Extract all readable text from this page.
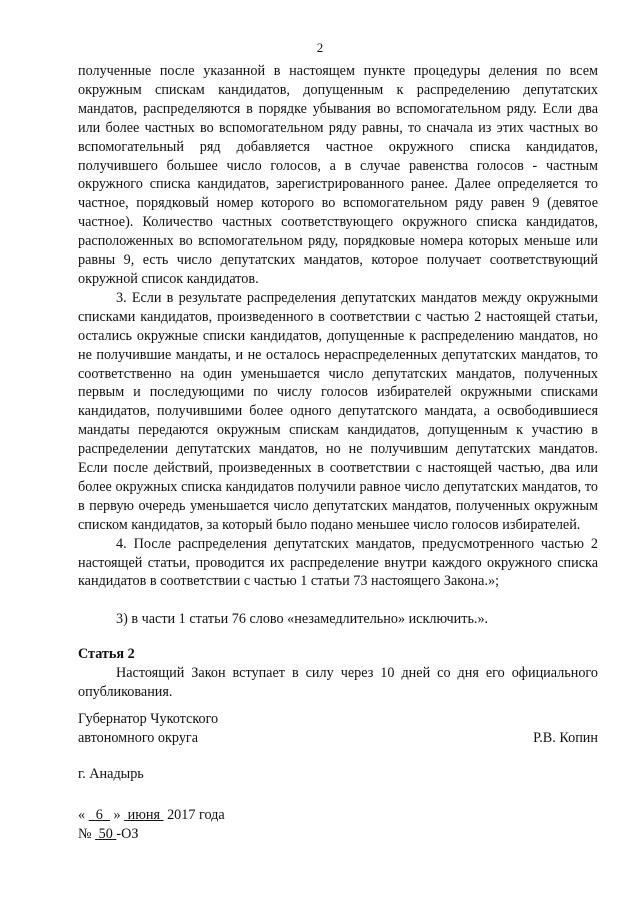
2

полученные после указанной в настоящем пункте процедуры деления по всем окружным спискам кандидатов, допущенным к распределению депутатских мандатов, распределяются в порядке убывания во вспомогательном ряду. Если два или более частных во вспомогательном ряду равны, то сначала из этих частных во вспомогательный ряд добавляется частное окружного списка кандидатов, получившего большее число голосов, а в случае равенства голосов - частным окружного списка кандидатов, зарегистрированного ранее. Далее определяется то частное, порядковый номер которого во вспомогательном ряду равен 9 (девятое частное). Количество частных соответствующего окружного списка кандидатов, расположенных во вспомогательном ряду, порядковые номера которых меньше или равны 9, есть число депутатских мандатов, которое получает соответствующий окружной список кандидатов.

3. Если в результате распределения депутатских мандатов между окружными списками кандидатов, произведенного в соответствии с частью 2 настоящей статьи, остались окружные списки кандидатов, допущенные к распределению мандатов, но не получившие мандаты, и не осталось нераспределенных депутатских мандатов, то соответственно на один уменьшается число депутатских мандатов, полученных первым и последующими по числу голосов избирателей окружными списками кандидатов, получившими более одного депутатского мандата, а освободившиеся мандаты передаются окружным спискам кандидатов, допущенным к участию в распределении депутатских мандатов, но не получившим депутатских мандатов. Если после действий, произведенных в соответствии с настоящей частью, два или более окружных списка кандидатов получили равное число депутатских мандатов, то в первую очередь уменьшается число депутатских мандатов, полученных окружным списком кандидатов, за который было подано меньшее число голосов избирателей.

4. После распределения депутатских мандатов, предусмотренного частью 2 настоящей статьи, проводится их распределение внутри каждого окружного списка кандидатов в соответствии с частью 1 статьи 73 настоящего Закона.»;

3) в части 1 статьи 76 слово «незамедлительно» исключить.».

Статья 2

Настоящий Закон вступает в силу через 10 дней со дня его официального опубликования.

Губернатор Чукотского
автономного округа	Р.В. Копин
г. Анадырь
« 6 » июня 2017 года
№ 50 -ОЗ
